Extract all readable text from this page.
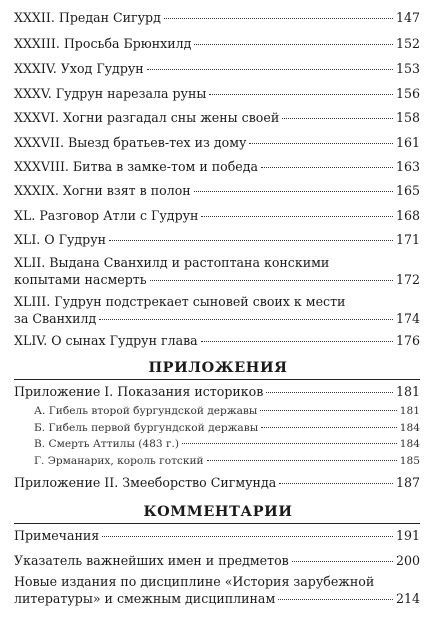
XXXII. Предан Сигурд	147
XXXIII. Просьба Брюнхилд	152
XXXIV. Уход Гудрун	153
XXXV. Гудрун нарезала руны	156
XXXVI. Хогни разгадал сны жены своей	158
XXXVII. Выезд братьев-тех из дому	161
XXXVIII. Битва в замке-том и победа	163
XXXIX. Хогни взят в полон	165
XL. Разговор Атли с Гудрун	168
XLI. О Гудрун	171
XLII. Выдана Сванхилд и растоптана конскими
копытами насмерть	172
XLIII. Гудрун подстрекает сыновей своих к мести
за Сванхилд	174
XLIV. О сынах Гудрун глава	176
ПРИЛОЖЕНИЯ
Приложение I. Показания историков	181
А. Гибель второй бургундской державы	181
Б. Гибель первой бургундской державы	184
В. Смерть Аттилы (483 г.)	184
Г. Эрманарих, король готский	185
Приложение II. Змееборство Сигмунда	187
КОММЕНТАРИИ
Примечания	191
Указатель важнейших имен и предметов	200
Новые издания по дисциплине «История зарубежной
литературы» и смежным дисциплинам	214
